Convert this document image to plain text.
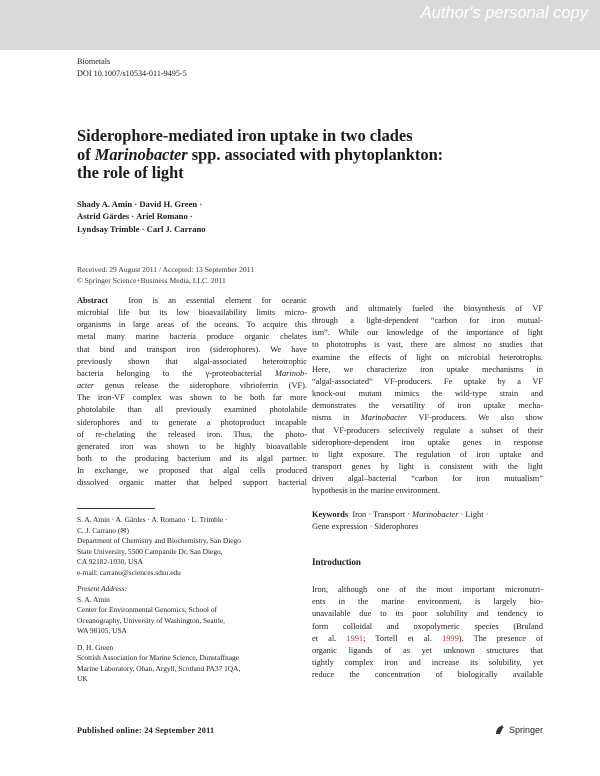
Author's personal copy
Biometals
DOI 10.1007/s10534-011-9495-5
Siderophore-mediated iron uptake in two clades
of Marinobacter spp. associated with phytoplankton:
the role of light
Shady A. Amin · David H. Green ·
Astrid Gärdes · Ariel Romano ·
Lyndsay Trimble · Carl J. Carrano
Received: 29 August 2011 / Accepted: 13 September 2011
© Springer Science+Business Media, LLC. 2011
Abstract Iron is an essential element for oceanic
microbial life but its low bioavailability limits micro-
organisms in large areas of the oceans. To acquire this
metal many marine bacteria produce organic chelates
that bind and transport iron (siderophores). We have
previously shown that algal-associated heterotrophic
bacteria belonging to the γ-proteobacterial Marinob-
acter genus release the siderophore vibrioferrin (VF).
The iron-VF complex was shown to be both far more
photolabile than all previously examined photolabile
siderophores and to generate a photoproduct incapable
of re-chelating the released iron. Thus, the photo-
generated iron was shown to be highly bioavailable
both to the producing bacterium and its algal partner.
In exchange, we proposed that algal cells produced
dissolved organic matter that helped support bacterial
growth and ultimately fueled the biosynthesis of VF
through a light-dependent “carbon for iron mutual-
ism”. While our knowledge of the importance of light
to phototrophs is vast, there are almost no studies that
examine the effects of light on microbial heterotrophs.
Here, we characterize iron uptake mechanisms in
“algal-associated” VF-producers. Fe uptake by a VF
knock-out mutant mimics the wild-type strain and
demonstrates the versatility of iron uptake mecha-
nisms in Marinobacter VF-producers. We also show
that VF-producers selectively regulate a subset of their
siderophore-dependent iron uptake genes in response
to light exposure. The regulation of iron uptake and
transport genes by light is consistent with the light
driven algal–bacterial “carbon for iron mutualism”
hypothesis in the marine environment.
S. A. Amin · A. Gärdes · A. Romano · L. Trimble ·
C. J. Carrano (✉)
Department of Chemistry and Biochemistry, San Diego
State University, 5500 Campanile Dr, San Diego,
CA 92182-1030, USA
e-mail: carrano@sciences.sdsu.edu
Present Address:
S. A. Amin
Center for Environmental Genomics, School of
Oceanography, University of Washington, Seattle,
WA 98105, USA
D. H. Green
Scottish Association for Marine Science, Dunstaffnage
Marine Laboratory, Oban, Argyll, Scotland PA37 1QA,
UK
Keywords Iron · Transport · Marinobacter · Light ·
Gene expression · Siderophores
Introduction
Iron, although one of the most important micronutri-
ents in the marine environment, is largely bio-
unavailable due to its poor solubility and tendency to
form colloidal and oxopolymeric species (Bruland
et al. 1991; Tortell et al. 1999). The presence of
organic ligands of as yet unknown structures that
tightly complex iron and increase its solubility, yet
reduce the concentration of biologically available
Published online: 24 September 2011	Springer
